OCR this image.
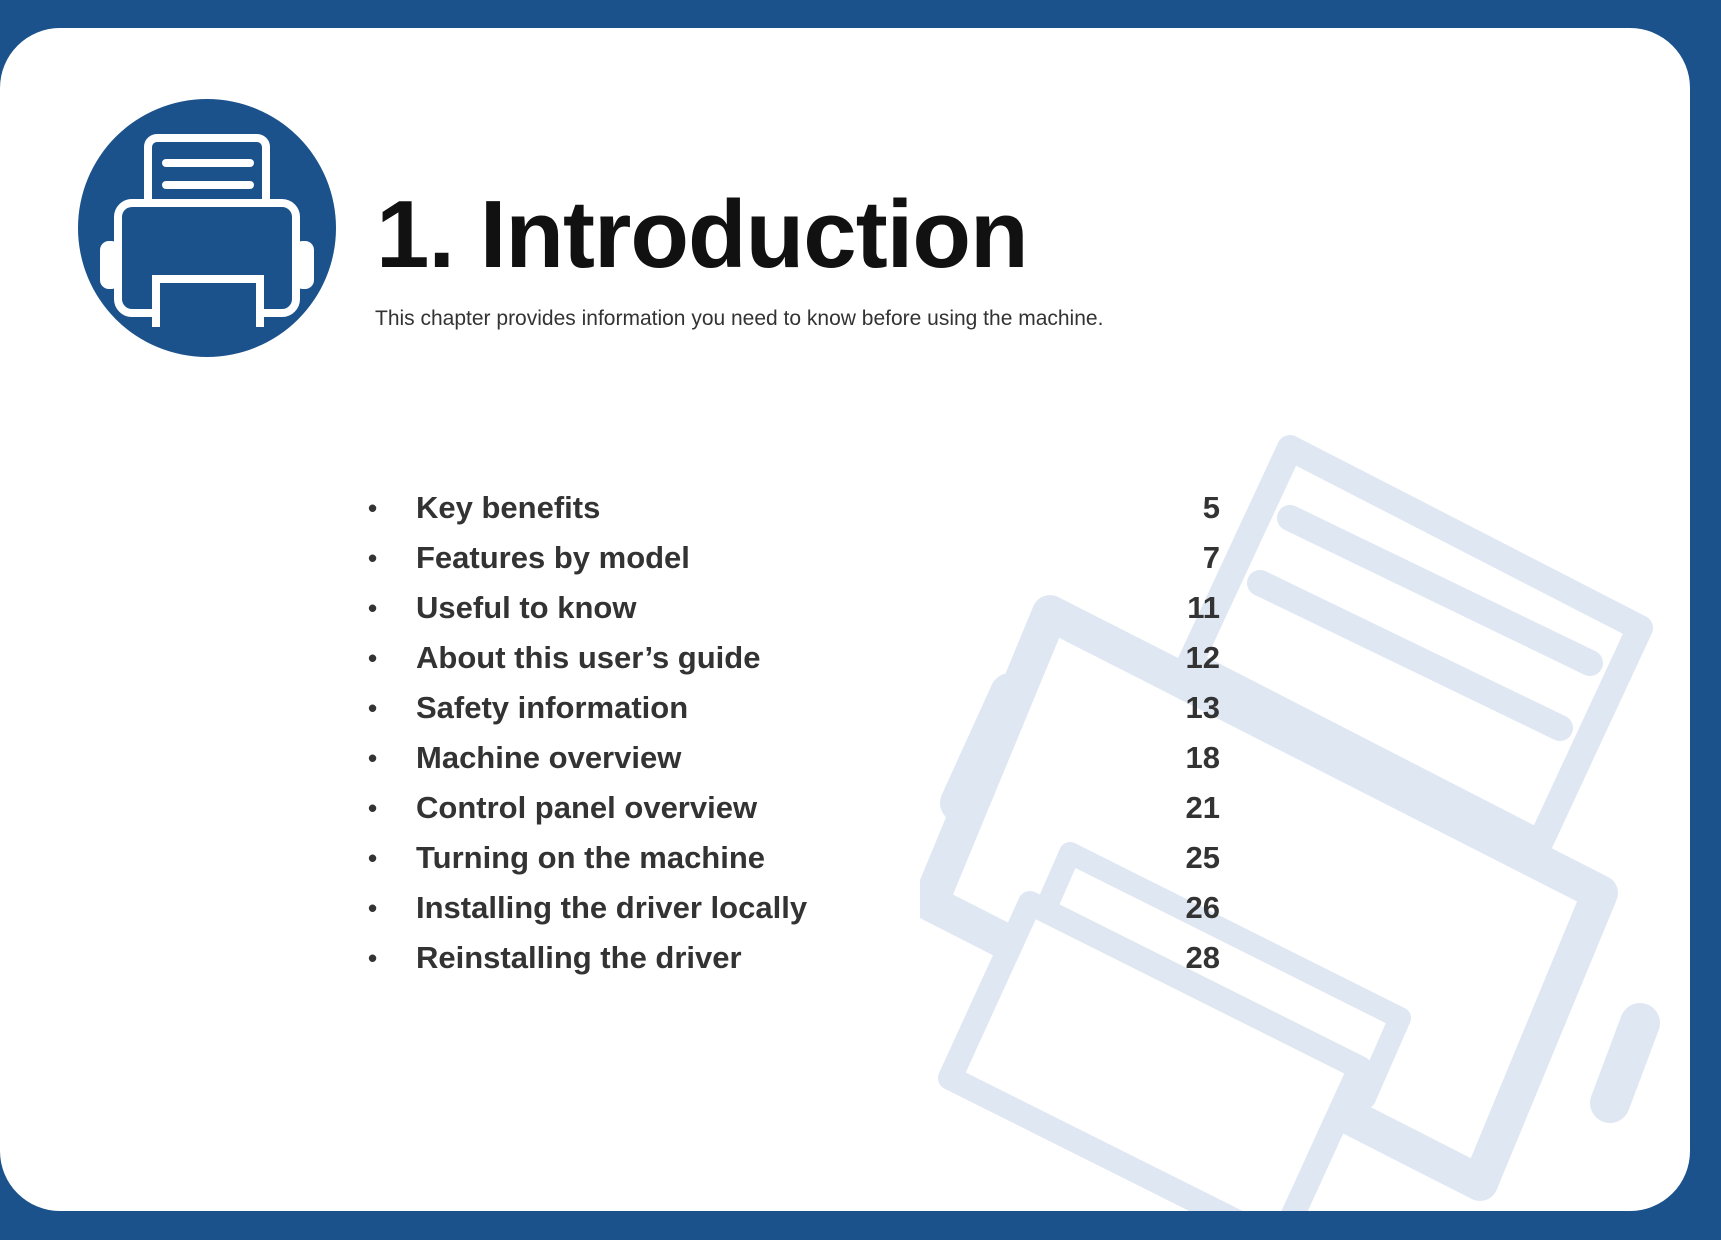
1. Introduction

This chapter provides information you need to know before using the machine.

• Key benefits	5
• Features by model	7
• Useful to know	11
• About this user’s guide	12
• Safety information	13
• Machine overview	18
• Control panel overview	21
• Turning on the machine	25
• Installing the driver locally	26
• Reinstalling the driver	28
